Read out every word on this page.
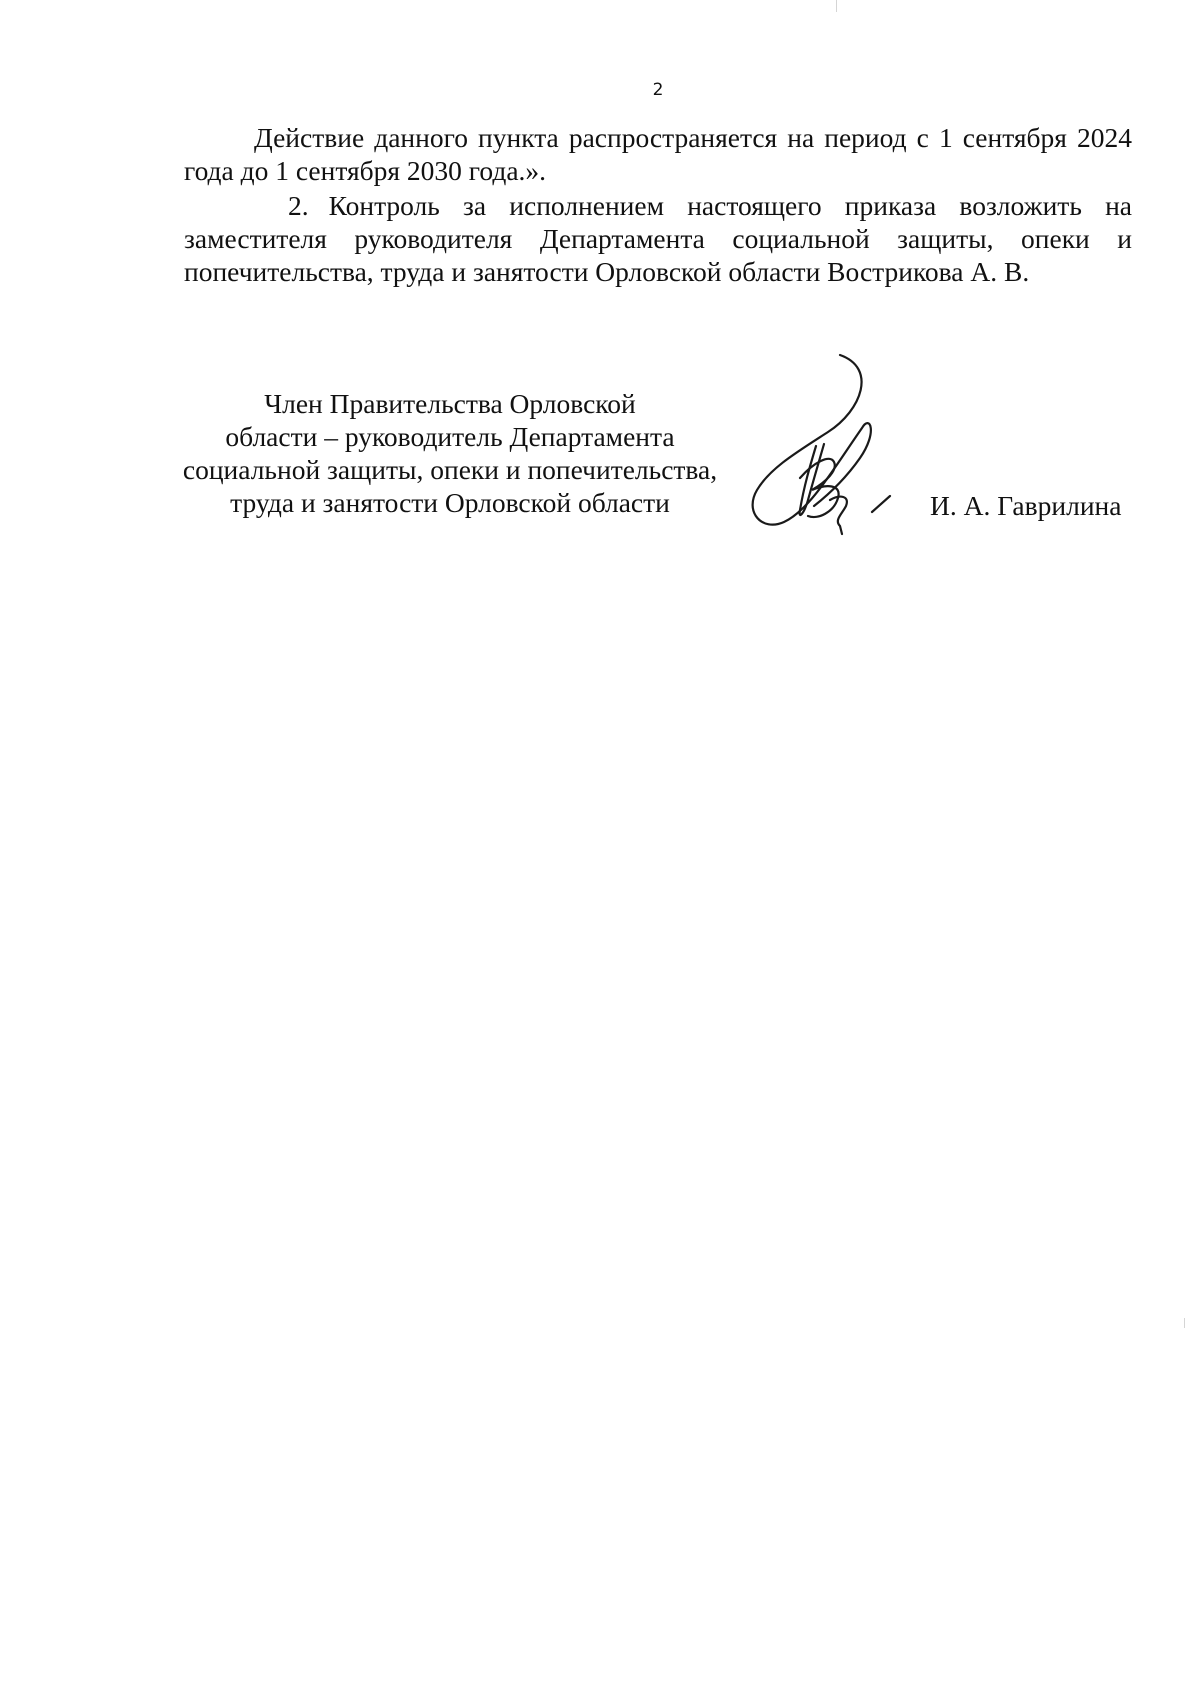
2

Действие данного пункта распространяется на период с 1 сентября 2024 года до 1 сентября 2030 года.».

2. Контроль за исполнением настоящего приказа возложить на заместителя руководителя Департамента социальной защиты, опеки и попечительства, труда и занятости Орловской области Вострикова А. В.

Член Правительства Орловской
области – руководитель Департамента
социальной защиты, опеки и попечительства,
труда и занятости Орловской области	И. А. Гаврилина
